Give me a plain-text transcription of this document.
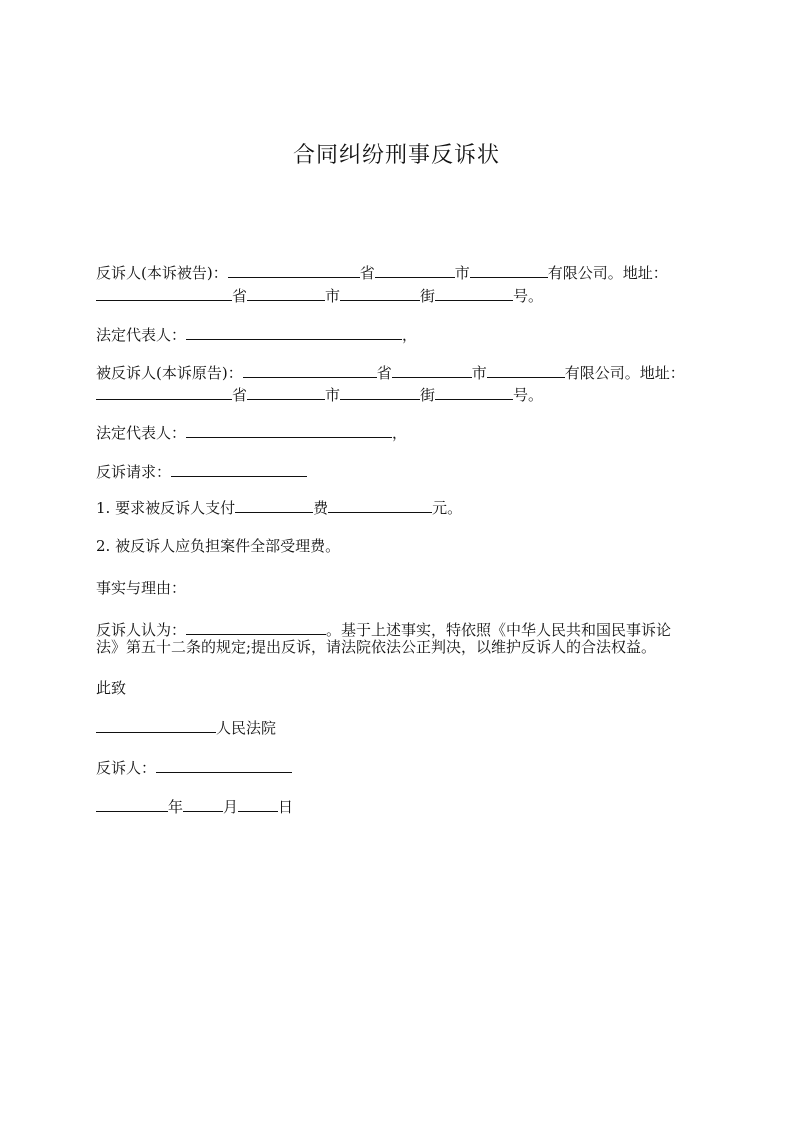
合同纠纷刑事反诉状
反诉人(本诉被告)：	省	市	有限公司。地址：
省	市	街	号。
法定代表人：	，
被反诉人(本诉原告)：	省	市	有限公司。地址：
省	市	街	号。
法定代表人：	，
反诉请求：
1. 要求被反诉人支付	费	元。
2. 被反诉人应负担案件全部受理费。
事实与理由：
反诉人认为：	。基于上述事实，特依照《中华人民共和国民事诉论
法》第五十二条的规定;提出反诉，请法院依法公正判决，以维护反诉人的合法权益。
此致
人民法院
反诉人：
年	月	日
